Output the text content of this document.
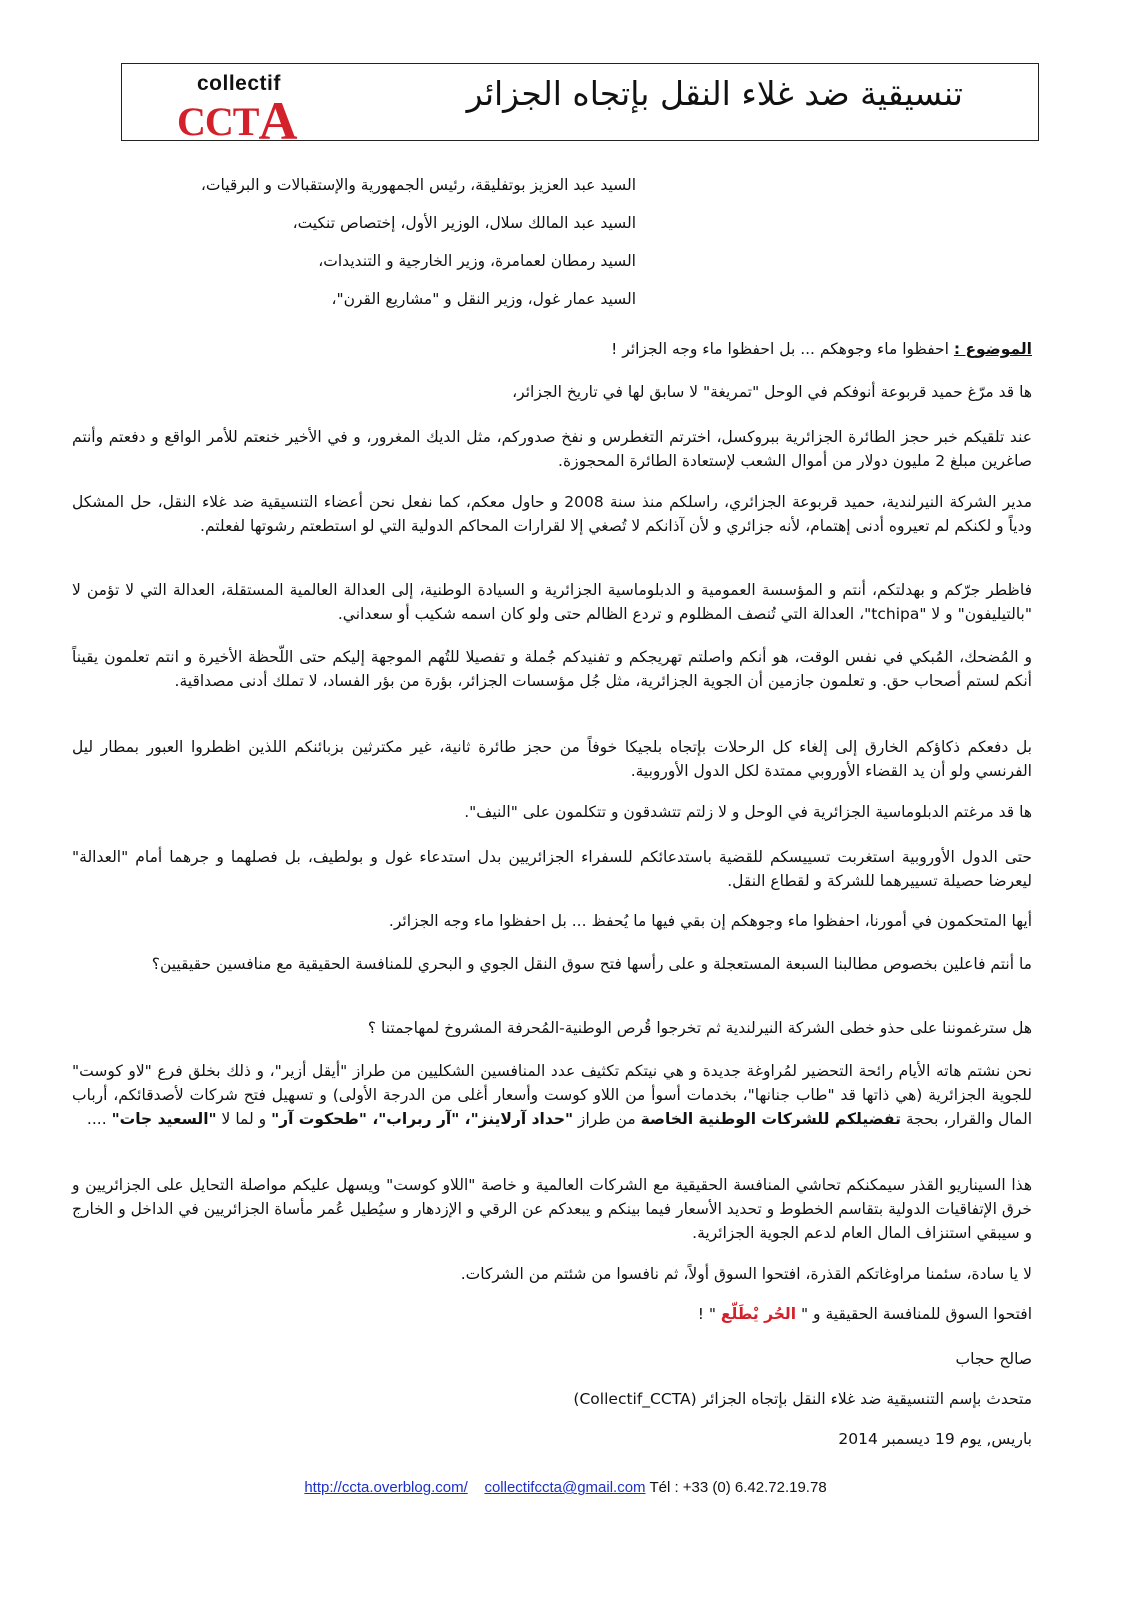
collectif
CCTA	تنسيقية ضد غلاء النقل بإتجاه الجزائر
السيد عبد العزيز بوتفليقة، رئيس الجمهورية والإستقبالات و البرقيات،
السيد عبد المالك سلال، الوزير الأول، إختصاص تنكيت،
السيد رمطان لعمامرة، وزير الخارجية و التنديدات،
السيد عمار غول، وزير النقل و "مشاريع القرن"،
الموضوع : احفظوا ماء وجوهكم ... بل احفظوا ماء وجه الجزائر !
ها قد مرّغ حميد قربوعة أنوفكم في الوحل "تمريغة" لا سابق لها في تاريخ الجزائر،
عند تلقيكم خبر حجز الطائرة الجزائرية ببروكسل، اخترتم التغطرس و نفخ صدوركم، مثل الديك المغرور، و في الأخير خنعتم للأمر الواقع و دفعتم وأنتم صاغرين مبلغ 2 مليون دولار من أموال الشعب لإستعادة الطائرة المحجوزة.
مدير الشركة النيرلندية، حميد قربوعة الجزائري، راسلكم منذ سنة 2008 و حاول معكم، كما نفعل نحن أعضاء التنسيقية ضد غلاء النقل، حل المشكل ودياً و لكنكم لم تعيروه أدنى إهتمام، لأنه جزائري و لأن آذانكم لا تُصغي إلا لقرارات المحاكم الدولية التي لو استطعتم رشوتها لفعلتم.
فاظطر جرّكم و بهدلتكم، أنتم و المؤسسة العمومية و الدبلوماسية الجزائرية و السيادة الوطنية، إلى العدالة العالمية المستقلة، العدالة التي لا تؤمن لا "بالتيليفون" و لا "tchipa"، العدالة التي تُنصف المظلوم و تردع الظالم حتى ولو كان اسمه شكيب أو سعداني.
و المُضحك، المُبكي في نفس الوقت، هو أنكم واصلتم تهريجكم و تفنيدكم جُملة و تفصيلا للتُهم الموجهة إليكم حتى اللّحظة الأخيرة و انتم تعلمون يقيناً أنكم لستم أصحاب حق. و تعلمون جازمين أن الجوية الجزائرية، مثل جُل مؤسسات الجزائر، بؤرة من بؤر الفساد، لا تملك أدنى مصداقية.
بل دفعكم ذكاؤكم الخارق إلى إلغاء كل الرحلات بإتجاه بلجيكا خوفاً من حجز طائرة ثانية، غير مكترثين بزبائنكم اللذين اظطروا العبور بمطار ليل الفرنسي ولو أن يد القضاء الأوروبي ممتدة لكل الدول الأوروبية.
ها قد مرغتم الدبلوماسية الجزائرية في الوحل و لا زلتم تتشدقون و تتكلمون على "النيف".
حتى الدول الأوروبية استغربت تسييسكم للقضية باستدعائكم للسفراء الجزائريين بدل استدعاء غول و بولطيف، بل فصلهما و جرهما أمام "العدالة" ليعرضا حصيلة تسييرهما للشركة و لقطاع النقل.
أيها المتحكمون في أمورنا، احفظوا ماء وجوهكم إن بقي فيها ما يُحفظ ... بل احفظوا ماء وجه الجزائر.
ما أنتم فاعلين بخصوص مطالبنا السبعة المستعجلة و على رأسها فتح سوق النقل الجوي و البحري للمنافسة الحقيقية مع منافسين حقيقيين؟
هل سترغموننا على حذو خطى الشركة النيرلندية ثم تخرجوا قُرص الوطنية-المُحرفة المشروخ لمهاجمتنا ؟
نحن نشتم هاته الأيام رائحة التحضير لمُراوغة جديدة و هي نيتكم تكثيف عدد المنافسين الشكليين من طراز "أيقل أزير"، و ذلك بخلق فرع "لاو كوست" للجوية الجزائرية (هي ذاتها قد "طاب جنانها"، بخدمات أسوأ من اللاو كوست وأسعار أغلى من الدرجة الأولى) و تسهيل فتح شركات لأصدقائكم، أرباب المال والقرار، بحجة تفضيلكم للشركات الوطنية الخاصة من طراز "حداد آرلاينز"، "آر ربراب"، "طحكوت آر" و لما لا "السعيد جات" ....
هذا السيناريو القذر سيمكنكم تحاشي المنافسة الحقيقية مع الشركات العالمية و خاصة "اللاو كوست" ويسهل عليكم مواصلة التحايل على الجزائريين و خرق الإتفاقيات الدولية بتقاسم الخطوط و تحديد الأسعار فيما بينكم و يبعدكم عن الرقي و الإزدهار و سيُطيل عُمر مأساة الجزائريين في الداخل و الخارج و سيبقي استنزاف المال العام لدعم الجوية الجزائرية.
لا يا سادة، سئمنا مراوغاتكم القذرة، افتحوا السوق أولاً، ثم نافسوا من شئتم من الشركات.
افتحوا السوق للمنافسة الحقيقية و " الحُر يْطَلّع " !
صالح حجاب
متحدث بإسم التنسيقية ضد غلاء النقل بإتجاه الجزائر (Collectif_CCTA)
باريس, يوم 19 ديسمبر 2014
http://ccta.overblog.com/ collectifccta@gmail.com Tél : +33 (0) 6.42.72.19.78
